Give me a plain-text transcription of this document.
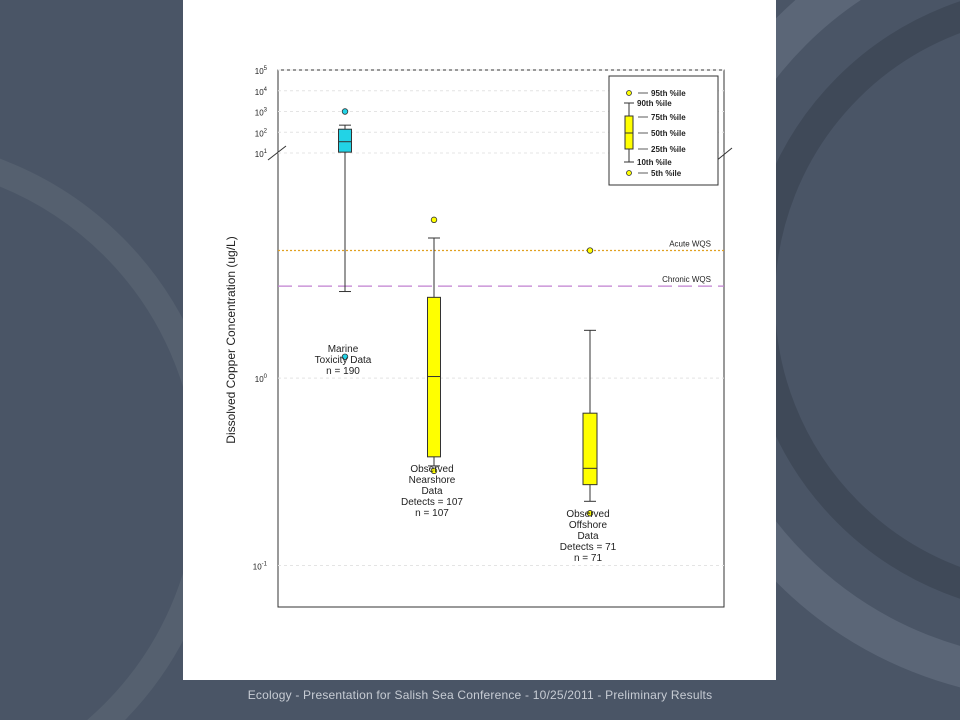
Dissolved Copper Concentration (ug/L)
$10^{-1}$
$10^0$
$10^1$
$10^2$
$10^3$
$10^4$
$10^5$
Acute WQS
Chronic WQS
Marine
Toxicity Data
n = 190
Observed
Nearshore
Data
Detects = 107
n = 107	Observed
Offshore
Data
Detects = 71
n = 71
95th %ile
90th %ile
75th %ile
50th %ile
25th %ile
10th %ile
5th %ile
Ecology - Presentation for Salish Sea Conference - 10/25/2011 - Preliminary Results
